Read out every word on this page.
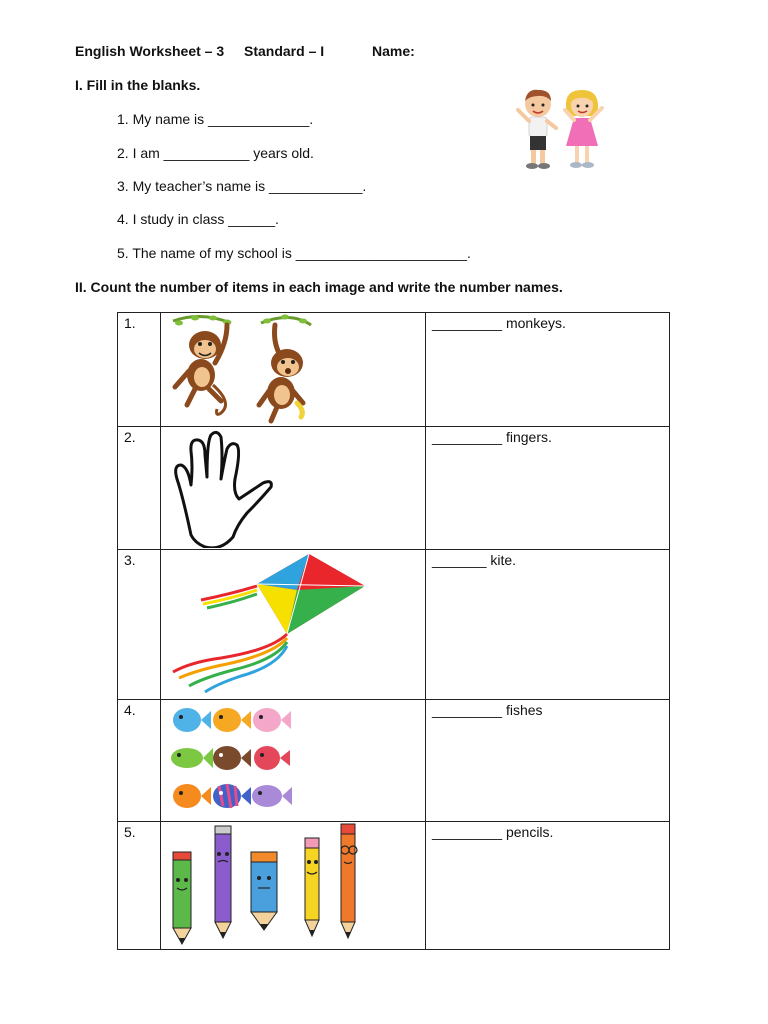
English Worksheet – 3 Standard – I	Name:
I. Fill in the blanks.
1. My name is _____________.
2. I am ___________ years old.
3. My teacher’s name is ____________.
4. I study in class ______.
5. The name of my school is ______________________.
II. Count the number of items in each image and write the number names.
1.		_________ monkeys.
2.		_________ fingers.
3.		_______ kite.
4.		_________ fishes
5.		_________ pencils.
